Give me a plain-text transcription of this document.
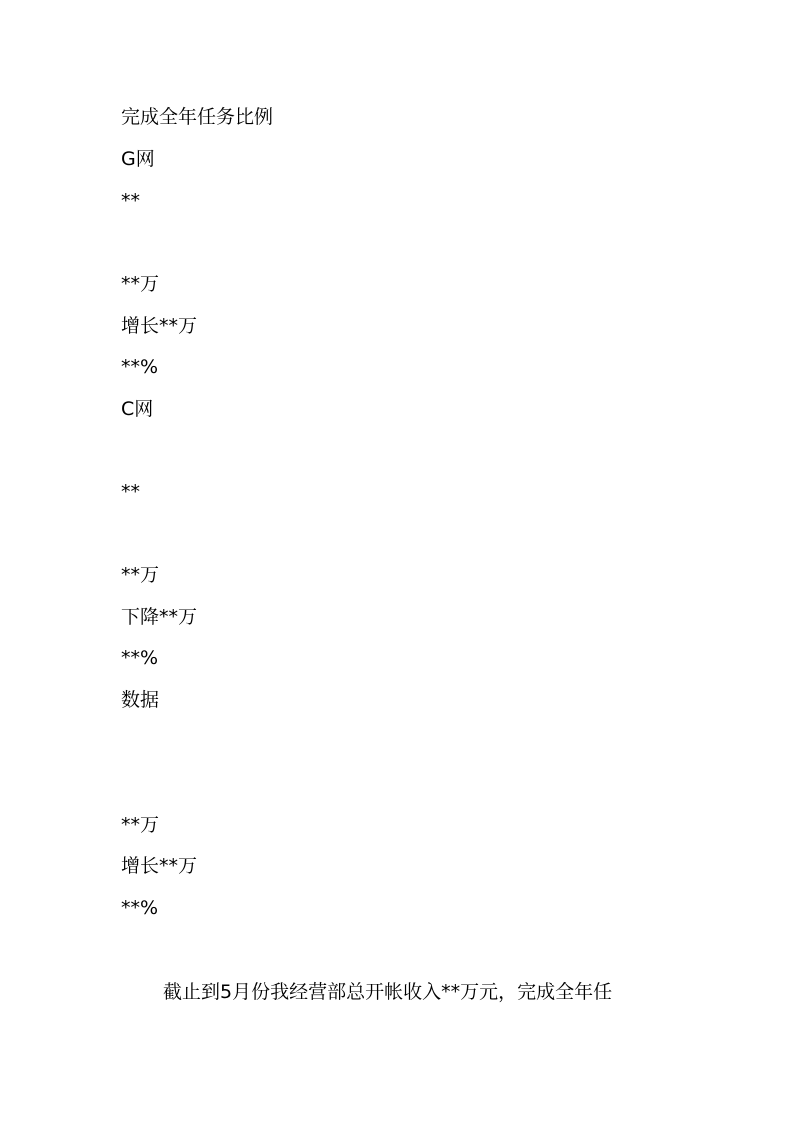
完成全年任务比例
G网
**
**万
增长**万
**%
C网
**
**万
下降**万
**%
数据
**万
增长**万
**%
截止到5月份我经营部总开帐收入**万元，完成全年任
